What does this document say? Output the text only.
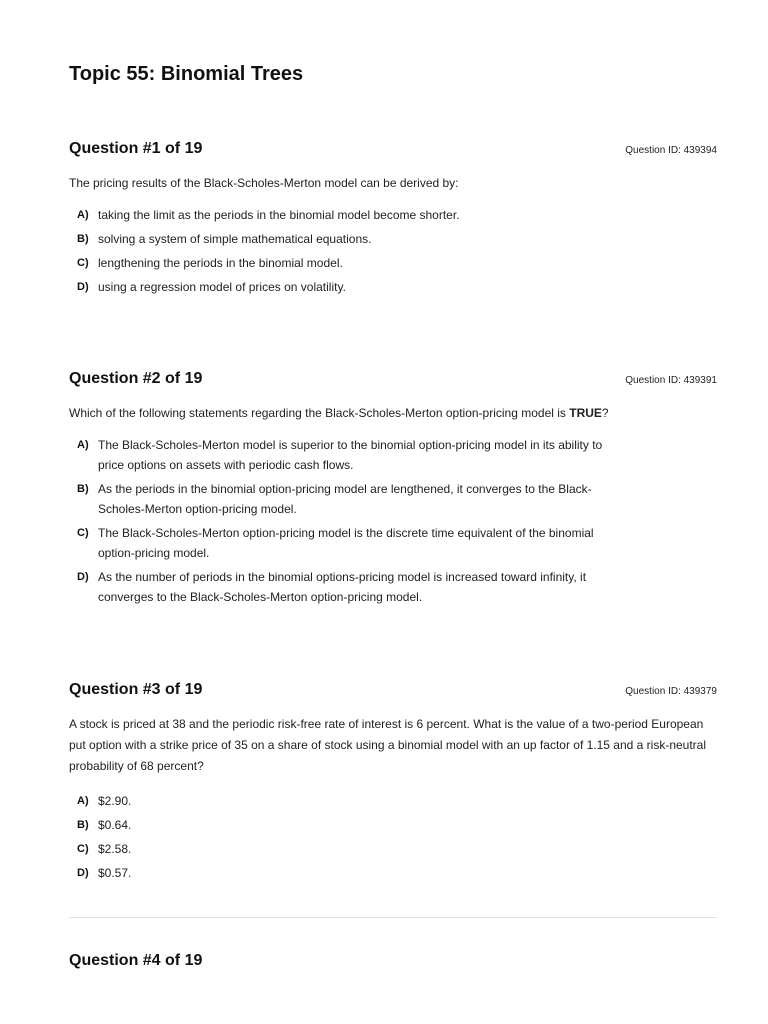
Topic 55: Binomial Trees
Question #1 of 19	Question ID: 439394

The pricing results of the Black-Scholes-Merton model can be derived by:

A) taking the limit as the periods in the binomial model become shorter.
B) solving a system of simple mathematical equations.
C) lengthening the periods in the binomial model.
D) using a regression model of prices on volatility.
Question #2 of 19	Question ID: 439391

Which of the following statements regarding the Black-Scholes-Merton option-pricing model is TRUE?

A) The Black-Scholes-Merton model is superior to the binomial option-pricing model in its ability to price options on assets with periodic cash flows.
B) As the periods in the binomial option-pricing model are lengthened, it converges to the Black-Scholes-Merton option-pricing model.
C) The Black-Scholes-Merton option-pricing model is the discrete time equivalent of the binomial option-pricing model.
D) As the number of periods in the binomial options-pricing model is increased toward infinity, it converges to the Black-Scholes-Merton option-pricing model.
Question #3 of 19	Question ID: 439379

A stock is priced at 38 and the periodic risk-free rate of interest is 6 percent. What is the value of a two-period European put option with a strike price of 35 on a share of stock using a binomial model with an up factor of 1.15 and a risk-neutral probability of 68 percent?

A) $2.90.
B) $0.64.
C) $2.58.
D) $0.57.
Question #4 of 19
